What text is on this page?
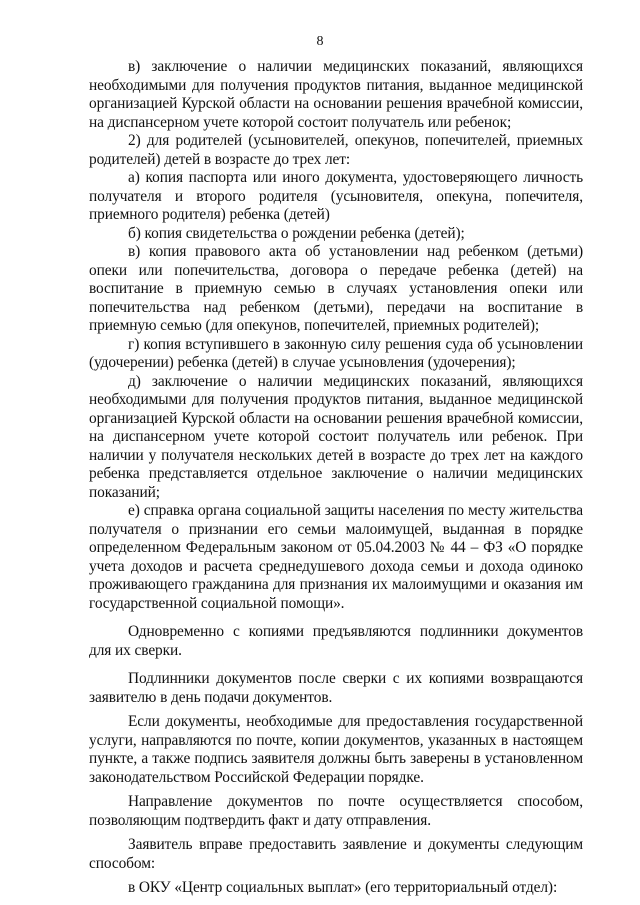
8

в) заключение о наличии медицинских показаний, являющихся необходимыми для получения продуктов питания, выданное медицинской организацией Курской области на основании решения врачебной комиссии, на диспансерном учете которой состоит получатель или ребенок;

2) для родителей (усыновителей, опекунов, попечителей, приемных родителей) детей в возрасте до трех лет:

а) копия паспорта или иного документа, удостоверяющего личность получателя и второго родителя (усыновителя, опекуна, попечителя, приемного родителя) ребенка (детей)

б) копия свидетельства о рождении ребенка (детей);

в) копия правового акта об установлении над ребенком (детьми) опеки или попечительства, договора о передаче ребенка (детей) на воспитание в приемную семью в случаях установления опеки или попечительства над ребенком (детьми), передачи на воспитание в приемную семью (для опекунов, попечителей, приемных родителей);

г) копия вступившего в законную силу решения суда об усыновлении (удочерении) ребенка (детей) в случае усыновления (удочерения);

д) заключение о наличии медицинских показаний, являющихся необходимыми для получения продуктов питания, выданное медицинской организацией Курской области на основании решения врачебной комиссии, на диспансерном учете которой состоит получатель или ребенок. При наличии у получателя нескольких детей в возрасте до трех лет на каждого ребенка представляется отдельное заключение о наличии медицинских показаний;

е) справка органа социальной защиты населения по месту жительства получателя о признании его семьи малоимущей, выданная в порядке определенном Федеральным законом от 05.04.2003 № 44 – ФЗ «О порядке учета доходов и расчета среднедушевого дохода семьи и дохода одиноко проживающего гражданина для признания их малоимущими и оказания им государственной социальной помощи».

Одновременно с копиями предъявляются подлинники документов для их сверки.

Подлинники документов после сверки с их копиями возвращаются заявителю в день подачи документов.

Если документы, необходимые для предоставления государственной услуги, направляются по почте, копии документов, указанных в настоящем пункте, а также подпись заявителя должны быть заверены в установленном законодательством Российской Федерации порядке.

Направление документов по почте осуществляется способом, позволяющим подтвердить факт и дату отправления.

Заявитель вправе предоставить заявление и документы следующим способом:

в ОКУ «Центр социальных выплат» (его территориальный отдел):
